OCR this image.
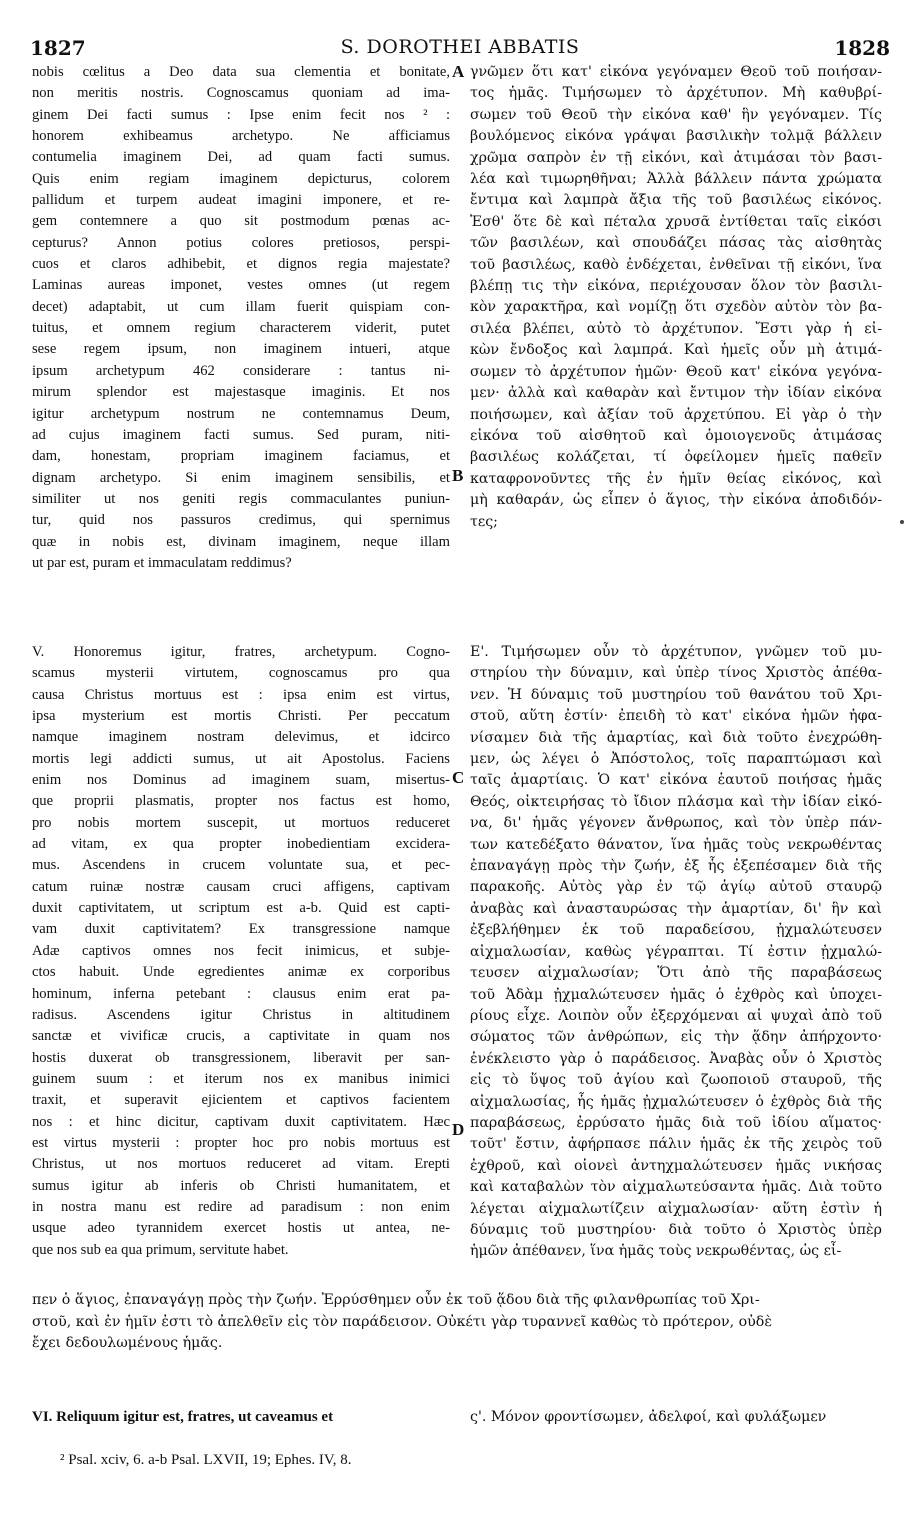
1827	S. DOROTHEI ABBATIS	1828
nobis cœlitus a Deo data sua clementia et bonitate,
non meritis nostris. Cognoscamus quoniam ad ima-
ginem Dei facti sumus : Ipse enim fecit nos ² :
honorem exhibeamus archetypo. Ne afficiamus
contumelia imaginem Dei, ad quam facti sumus.
Quis enim regiam imaginem depicturus, colorem
pallidum et turpem audeat imagini imponere, et re-
gem contemnere a quo sit postmodum pœnas ac-
cepturus? Annon potius colores pretiosos, perspi-
cuos et claros adhibebit, et dignos regia majestate?
Laminas aureas imponet, vestes omnes (ut regem
decet) adaptabit, ut cum illam fuerit quispiam con-
tuitus, et omnem regium characterem viderit, putet
sese regem ipsum, non imaginem intueri, atque
ipsum archetypum 462 considerare : tantus ni-
mirum splendor est majestasque imaginis. Et nos
igitur archetypum nostrum ne contemnamus Deum,
ad cujus imaginem facti sumus. Sed puram, niti-
dam, honestam, propriam imaginem faciamus, et
dignam archetypo. Si enim imaginem sensibilis, et
similiter ut nos geniti regis commaculantes puniun-
tur, quid nos passuros credimus, qui spernimus
quæ in nobis est, divinam imaginem, neque illam
ut par est, puram et immaculatam reddimus?
V. Honoremus igitur, fratres, archetypum. Cogno-
scamus mysterii virtutem, cognoscamus pro qua
causa Christus mortuus est : ipsa enim est virtus,
ipsa mysterium est mortis Christi. Per peccatum
namque imaginem nostram delevimus, et idcirco
mortis legi addicti sumus, ut ait Apostolus. Faciens
enim nos Dominus ad imaginem suam, misertus-
que proprii plasmatis, propter nos factus est homo,
pro nobis mortem suscepit, ut mortuos reduceret
ad vitam, ex qua propter inobedientiam excidera-
mus. Ascendens in crucem voluntate sua, et pec-
catum ruinæ nostræ causam cruci affigens, captivam
duxit captivitatem, ut scriptum est a-b. Quid est capti-
vam duxit captivitatem? Ex transgressione namque
Adæ captivos omnes nos fecit inimicus, et subje-
ctos habuit. Unde egredientes animæ ex corporibus
hominum, inferna petebant : clausus enim erat pa-
radisus. Ascendens igitur Christus in altitudinem
sanctæ et vivificæ crucis, a captivitate in quam nos
hostis duxerat ob transgressionem, liberavit per san-
guinem suum : et iterum nos ex manibus inimici
traxit, et superavit ejicientem et captivos facientem
nos : et hinc dicitur, captivam duxit captivitatem. Hæc
est virtus mysterii : propter hoc pro nobis mortuus est
Christus, ut nos mortuos reduceret ad vitam. Erepti
sumus igitur ab inferis ob Christi humanitatem, et
in nostra manu est redire ad paradisum : non enim
usque adeo tyrannidem exercet hostis ut antea, ne-
que nos sub ea qua primum, servitute habet.
γνῶμεν ὅτι κατ' εἰκόνα γεγόναμεν Θεοῦ τοῦ ποιήσαν-
τος ἡμᾶς. Τιμήσωμεν τὸ ἀρχέτυπον. Μὴ καθυβρί-
σωμεν τοῦ Θεοῦ τὴν εἰκόνα καθ' ἣν γεγόναμεν. Τίς
βουλόμενος εἰκόνα γράψαι βασιλικὴν τολμᾷ βάλλειν
χρῶμα σαπρὸν ἐν τῇ εἰκόνι, καὶ ἀτιμάσαι τὸν βασι-
λέα καὶ τιμωρηθῆναι; Ἀλλὰ βάλλειν πάντα χρώματα
ἔντιμα καὶ λαμπρὰ ἄξια τῆς τοῦ βασιλέως εἰκόνος.
Ἐσθ' ὅτε δὲ καὶ πέταλα χρυσᾶ ἐντίθεται ταῖς εἰκόσι
τῶν βασιλέων, καὶ σπουδάζει πάσας τὰς αἰσθητὰς
τοῦ βασιλέως, καθὸ ἐνδέχεται, ἐνθεῖναι τῇ εἰκόνι, ἵνα
βλέπῃ τις τὴν εἰκόνα, περιέχουσαν ὅλον τὸν βασιλι-
κὸν χαρακτῆρα, καὶ νομίζῃ ὅτι σχεδὸν αὐτὸν τὸν βα-
σιλέα βλέπει, αὐτὸ τὸ ἀρχέτυπον. Ἔστι γὰρ ἡ εἰ-
κὼν ἔνδοξος καὶ λαμπρά. Καὶ ἡμεῖς οὖν μὴ ἀτιμά-
σωμεν τὸ ἀρχέτυπον ἡμῶν· Θεοῦ κατ' εἰκόνα γεγόνα-
μεν· ἀλλὰ καὶ καθαρὰν καὶ ἔντιμον τὴν ἰδίαν εἰκόνα
ποιήσωμεν, καὶ ἀξίαν τοῦ ἀρχετύπου. Εἰ γὰρ ὁ τὴν
εἰκόνα τοῦ αἰσθητοῦ καὶ ὁμοιογενοῦς ἀτιμάσας
βασιλέως κολάζεται, τί ὀφείλομεν ἡμεῖς παθεῖν
καταφρονοῦντες τῆς ἐν ἡμῖν θείας εἰκόνος, καὶ
μὴ καθαράν, ὡς εἶπεν ὁ ἅγιος, τὴν εἰκόνα ἀποδιδόν-
τες;
Ε'. Τιμήσωμεν οὖν τὸ ἀρχέτυπον, γνῶμεν τοῦ μυ-
στηρίου τὴν δύναμιν, καὶ ὑπὲρ τίνος Χριστὸς ἀπέθα-
νεν. Ἡ δύναμις τοῦ μυστηρίου τοῦ θανάτου τοῦ Χρι-
στοῦ, αὕτη ἐστίν· ἐπειδὴ τὸ κατ' εἰκόνα ἡμῶν ἠφα-
νίσαμεν διὰ τῆς ἁμαρτίας, καὶ διὰ τοῦτο ἐνεχρώθη-
μεν, ὡς λέγει ὁ Ἀπόστολος, τοῖς παραπτώμασι καὶ
ταῖς ἁμαρτίαις. Ὁ κατ' εἰκόνα ἑαυτοῦ ποιήσας ἡμᾶς
Θεός, οἰκτειρήσας τὸ ἴδιον πλάσμα καὶ τὴν ἰδίαν εἰκό-
να, δι' ἡμᾶς γέγονεν ἄνθρωπος, καὶ τὸν ὑπὲρ πάν-
των κατεδέξατο θάνατον, ἵνα ἡμᾶς τοὺς νεκρωθέντας
ἐπαναγάγῃ πρὸς τὴν ζωήν, ἐξ ἧς ἐξεπέσαμεν διὰ τῆς
παρακοῆς. Αὐτὸς γὰρ ἐν τῷ ἁγίῳ αὐτοῦ σταυρῷ
ἀναβὰς καὶ ἀνασταυρώσας τὴν ἁμαρτίαν, δι' ἣν καὶ
ἐξεβλήθημεν ἐκ τοῦ παραδείσου, ᾐχμαλώτευσεν
αἰχμαλωσίαν, καθὼς γέγραπται. Τί ἐστιν ᾐχμαλώ-
τευσεν αἰχμαλωσίαν; Ὅτι ἀπὸ τῆς παραβάσεως
τοῦ Ἀδὰμ ᾐχμαλώτευσεν ἡμᾶς ὁ ἐχθρὸς καὶ ὑποχει-
ρίους εἶχε. Λοιπὸν οὖν ἐξερχόμεναι αἱ ψυχαὶ ἀπὸ τοῦ
σώματος τῶν ἀνθρώπων, εἰς τὴν ᾅδην ἀπήρχοντο·
ἐνέκλειστο γὰρ ὁ παράδεισος. Ἀναβὰς οὖν ὁ Χριστὸς
εἰς τὸ ὕψος τοῦ ἁγίου καὶ ζωοποιοῦ σταυροῦ, τῆς
αἰχμαλωσίας, ἧς ἡμᾶς ᾐχμαλώτευσεν ὁ ἐχθρὸς διὰ τῆς
παραβάσεως, ἐρρύσατο ἡμᾶς διὰ τοῦ ἰδίου αἵματος·
τοῦτ' ἔστιν, ἀφήρπασε πάλιν ἡμᾶς ἐκ τῆς χειρὸς τοῦ
ἐχθροῦ, καὶ οἱονεὶ ἀντηχμαλώτευσεν ἡμᾶς νικήσας
καὶ καταβαλὼν τὸν αἰχμαλωτεύσαντα ἡμᾶς. Διὰ τοῦτο
λέγεται αἰχμαλωτίζειν αἰχμαλωσίαν· αὕτη ἐστὶν ἡ
δύναμις τοῦ μυστηρίου· διὰ τοῦτο ὁ Χριστὸς ὑπὲρ
ἡμῶν ἀπέθανεν, ἵνα ἡμᾶς τοὺς νεκρωθέντας, ὡς εἶ-
A
B
C
D
πεν ὁ ἅγιος, ἐπαναγάγῃ πρὸς τὴν ζωήν. Ἐρρύσθημεν οὖν ἐκ τοῦ ᾅδου διὰ τῆς φιλανθρωπίας τοῦ Χρι-
στοῦ, καὶ ἐν ἡμῖν ἐστι τὸ ἀπελθεῖν εἰς τὸν παράδεισον. Οὐκέτι γὰρ τυραννεῖ καθὼς τὸ πρότερον, οὐδὲ
ἔχει δεδουλωμένους ἡμᾶς.
VI. Reliquum igitur est, fratres, ut caveamus et	ς'. Μόνον φροντίσωμεν, ἀδελφοί, καὶ φυλάξωμεν
² Psal. xciv, 6. a-b Psal. LXVII, 19; Ephes. IV, 8.
